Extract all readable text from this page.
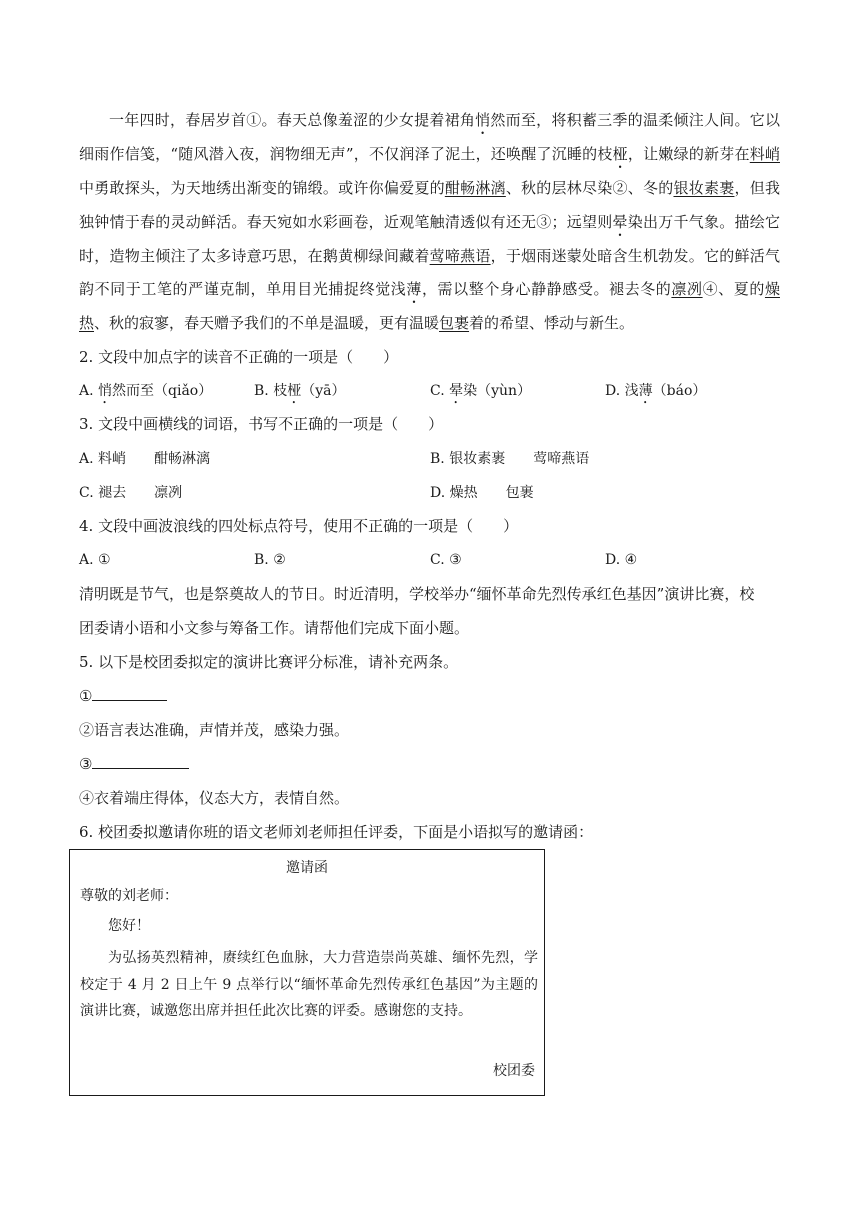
一年四时，春居岁首①。春天总像羞涩的少女提着裙角悄然而至，将积蓄三季的温柔倾注人间。它以细雨作信笺，“随风潜入夜，润物细无声”，不仅润泽了泥土，还唤醒了沉睡的枝桠，让嫩绿的新芽在料峭中勇敢探头，为天地绣出渐变的锦缎。或许你偏爱夏的酣畅淋漓、秋的层林尽染②、冬的银妆素裹，但我独钟情于春的灵动鲜活。春天宛如水彩画卷，近观笔触清透似有还无③；远望则晕染出万千气象。描绘它时，造物主倾注了太多诗意巧思，在鹅黄柳绿间藏着莺啼燕语，于烟雨迷蒙处暗含生机勃发。它的鲜活气韵不同于工笔的严谨克制，单用目光捕捉终觉浅薄，需以整个身心静静感受。褪去冬的凛冽④、夏的燥热、秋的寂寥，春天赠予我们的不单是温暖，更有温暖包裹着的希望、悸动与新生。

2. 文段中加点字的读音不正确的一项是（　　）
A. 悄然而至（qiǎo）	B. 枝桠（yā）	C. 晕染（yùn）	D. 浅薄（báo）
3. 文段中画横线的词语，书写不正确的一项是（　　）
A. 料峭　　酣畅淋漓	B. 银妆素裹　　莺啼燕语
C. 褪去　　凛冽	D. 燥热　　包裹
4. 文段中画波浪线的四处标点符号，使用不正确的一项是（　　）
A. ①	B. ②	C. ③	D. ④
清明既是节气，也是祭奠故人的节日。时近清明，学校举办“缅怀革命先烈传承红色基因”演讲比赛，校
团委请小语和小文参与筹备工作。请帮他们完成下面小题。
5. 以下是校团委拟定的演讲比赛评分标准，请补充两条。
①
②语言表达准确，声情并茂，感染力强。
③
④衣着端庄得体，仪态大方，表情自然。
6. 校团委拟邀请你班的语文老师刘老师担任评委，下面是小语拟写的邀请函：
邀请函
尊敬的刘老师：
您好！
为弘扬英烈精神，赓续红色血脉，大力营造崇尚英雄、缅怀先烈，学校定于 4 月 2 日上午 9 点举行以“缅怀革命先烈传承红色基因”为主题的演讲比赛，诚邀您出席并担任此次比赛的评委。感谢您的支持。
校团委
